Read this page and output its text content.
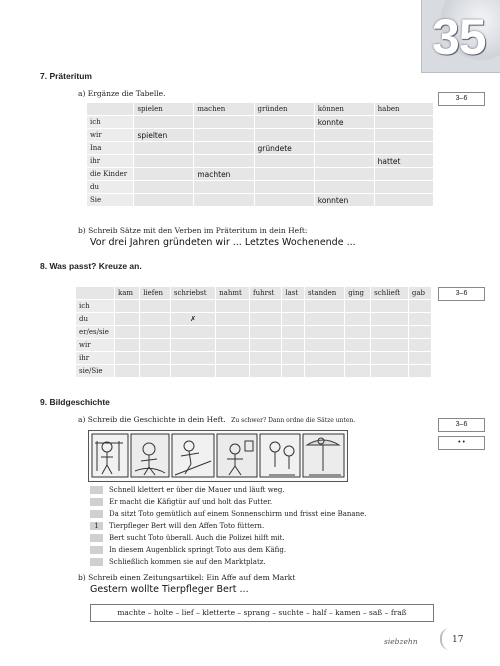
35
7. Präteritum
a) Ergänze die Tabelle.
3–6
	spielen	machen	gründen	können	haben
ich				konnte	
wir	spielten				
Ina			gründete		
ihr					hattet
die Kinder		machten			
du					
Sie				konnten	
b) Schreib Sätze mit den Verben im Präteritum in dein Heft:
Vor drei Jahren gründeten wir ... Letztes Wochenende ...
8. Was passt? Kreuze an.
3–6
	kam	liefen	schriebst	nahmt	fuhrst	last	standen	ging	schlieft	gab
ich										
du			✗							
er/es/sie										
wir										
ihr										
sie/Sie										
9. Bildgeschichte
a) Schreib die Geschichte in dein Heft. Zu schwer? Dann ordne die Sätze unten.
3–6
• •
Schnell klettert er über die Mauer und läuft weg.
Er macht die Käfigtür auf und holt das Futter.
Da sitzt Toto gemütlich auf einem Sonnenschirm und frisst eine Banane.
1 Tierpfleger Bert will den Affen Toto füttern.
Bert sucht Toto überall. Auch die Polizei hilft mit.
In diesem Augenblick springt Toto aus dem Käfig.
Schließlich kommen sie auf den Marktplatz.
b) Schreib einen Zeitungsartikel: Ein Affe auf dem Markt
Gestern wollte Tierpfleger Bert ...
machte – holte – lief – kletterte – sprang – suchte – half – kamen – saß – fraß
siebzehn	17
